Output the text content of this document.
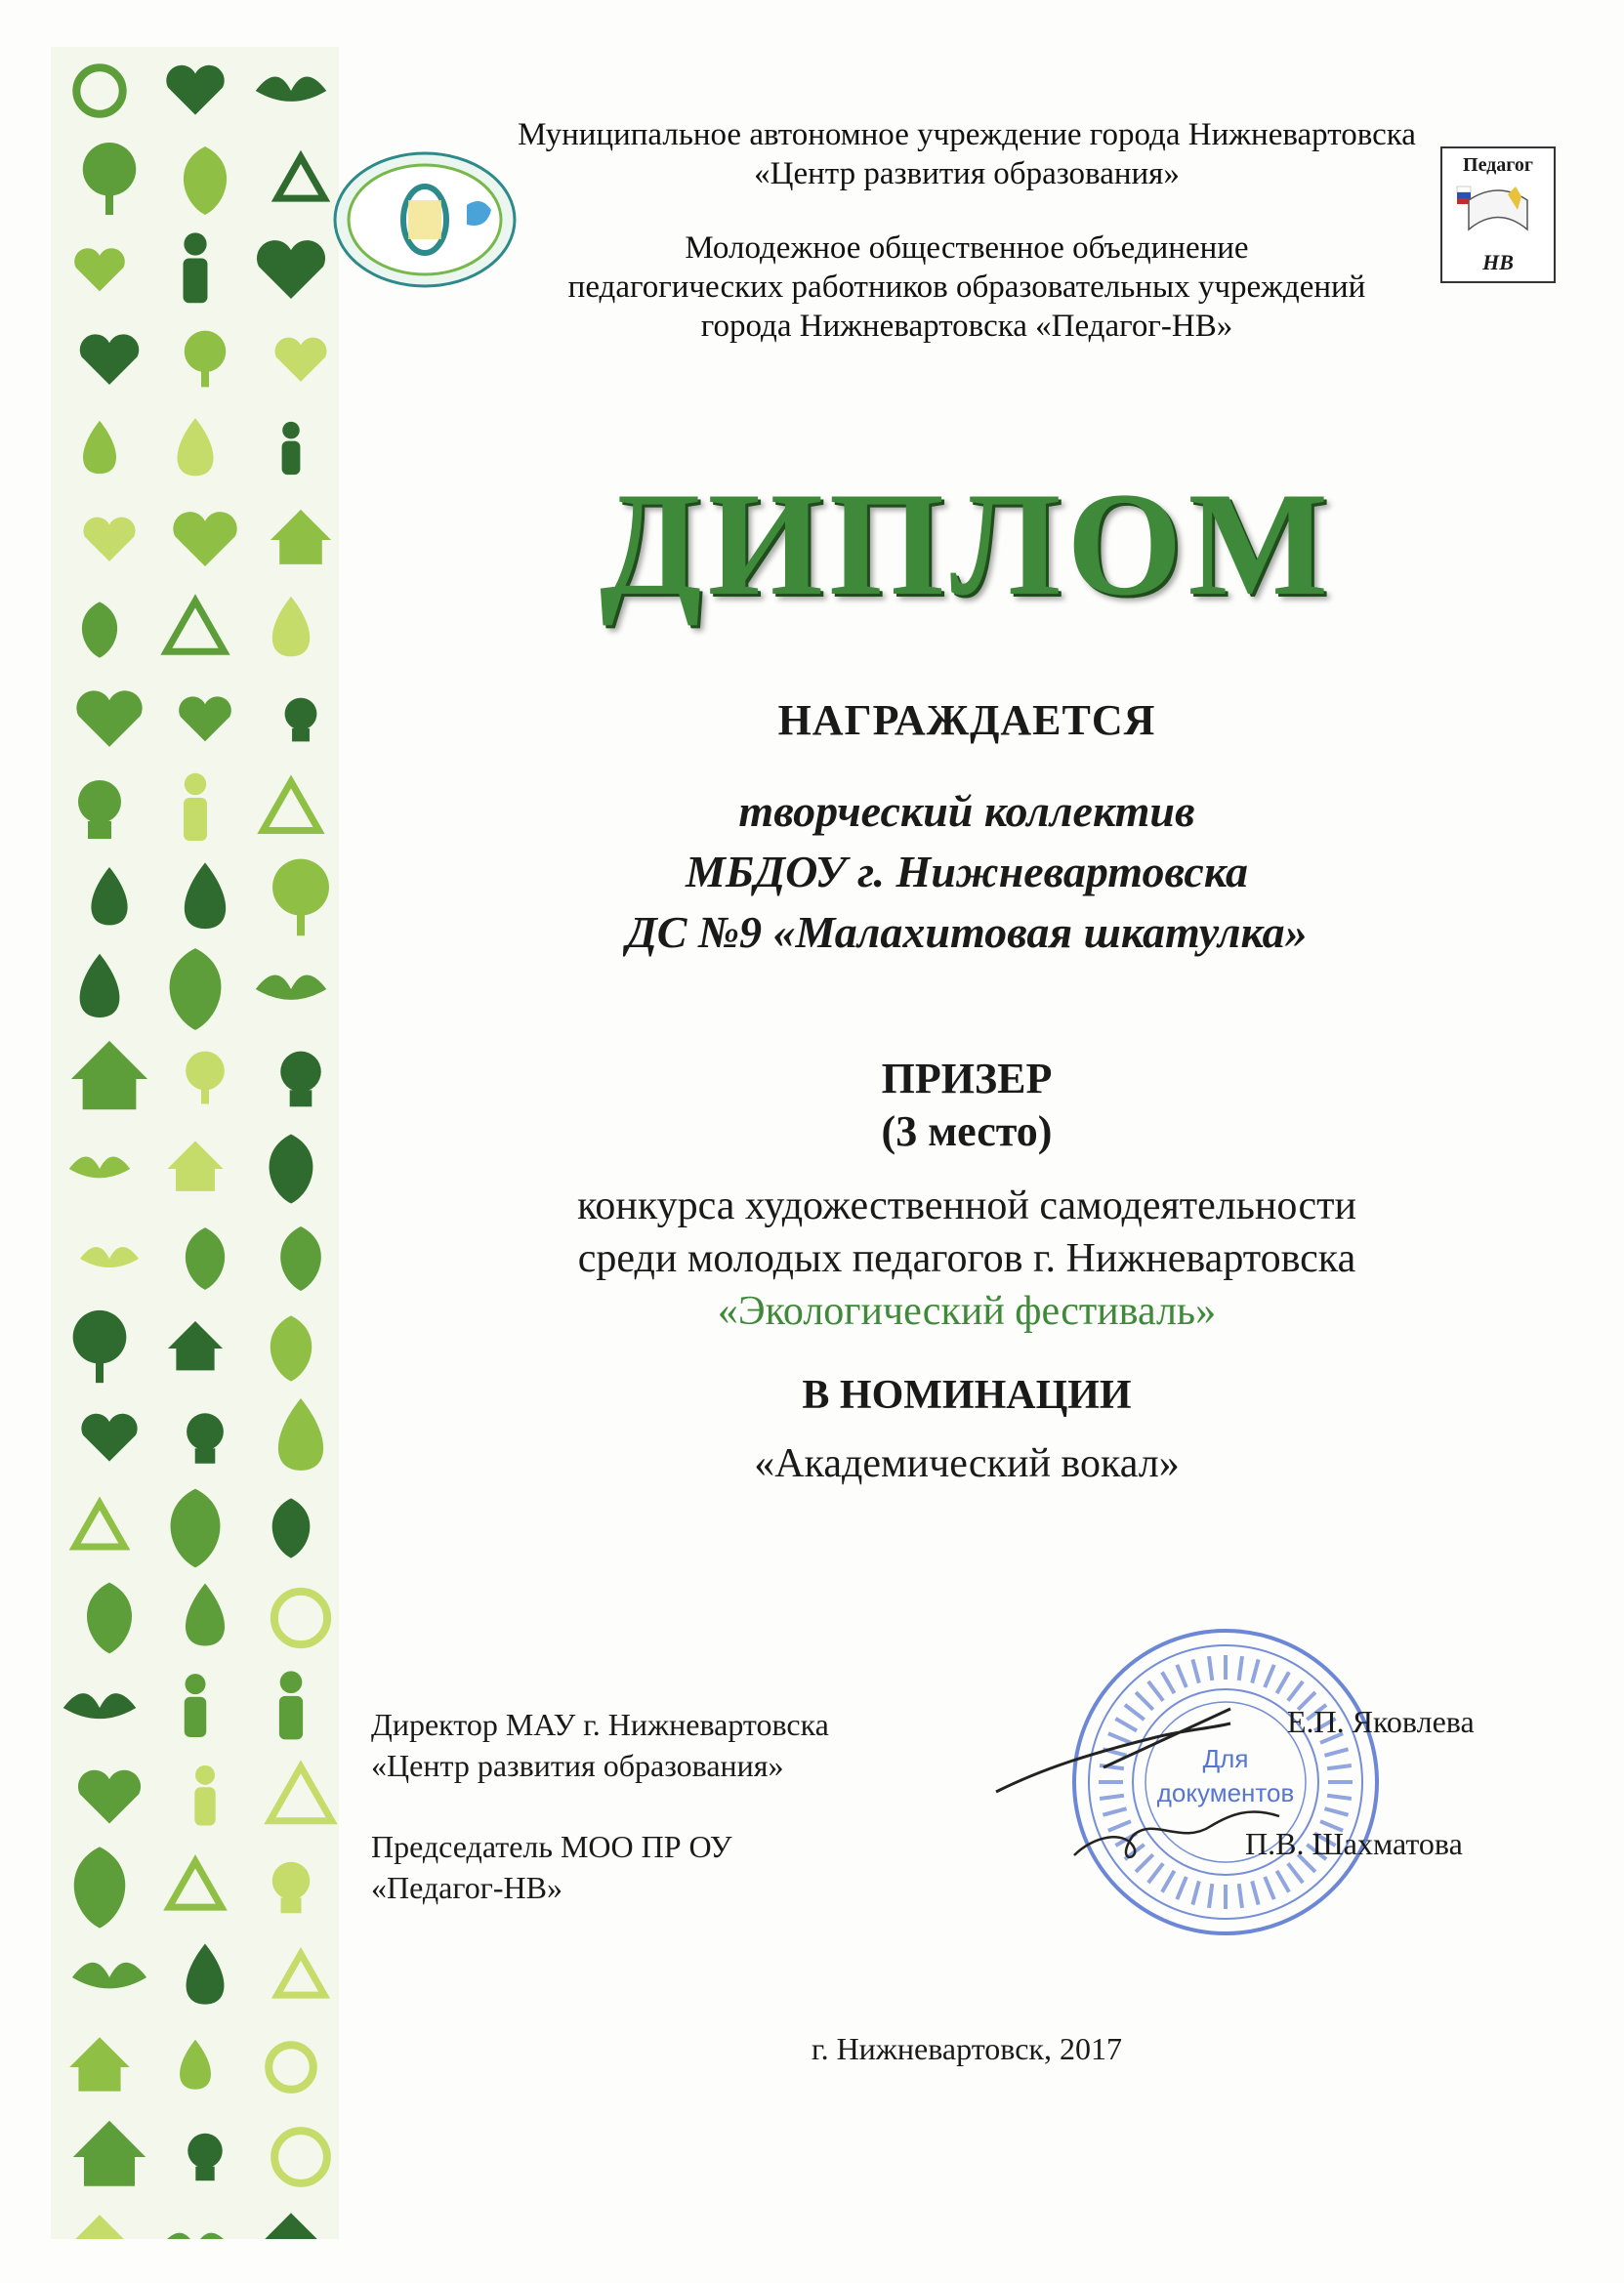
Педагог
НВ
Муниципальное автономное учреждение города Нижневартовска
«Центр развития образования»
Молодежное общественное объединение
педагогических работников образовательных учреждений
города Нижневартовска «Педагог-НВ»
ДИПЛОМ
НАГРАЖДАЕТСЯ
творческий коллектив
МБДОУ г. Нижневартовска
ДС №9 «Малахитовая шкатулка»
ПРИЗЕР
(3 место)
конкурса художественной самодеятельности
среди молодых педагогов г. Нижневартовска
«Экологический фестиваль»
В НОМИНАЦИИ
«Академический вокал»
Директор МАУ г. Нижневартовска
«Центр развития образования»
Председатель МОО ПР ОУ
«Педагог-НВ»
Для
документов
Е.П. Яковлева
П.В. Шахматова
г. Нижневартовск, 2017
